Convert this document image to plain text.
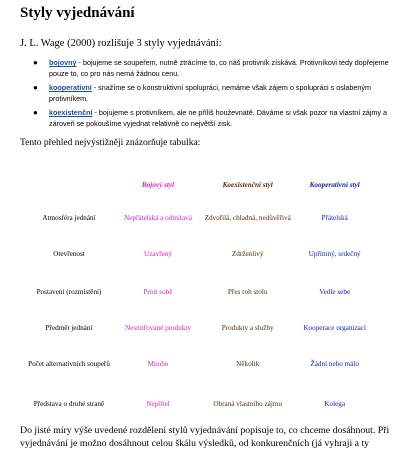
Styly vyjednávání
J. L. Wage (2000) rozlišuje 3 styly vyjednávání:
● bojovný - bojujeme se soupeřem, nutně ztrácíme to, co náš protivník získává. Protivníkovi tedy dopřejeme pouze to, co pro nás nemá žádnou cenu.
● kooperativní - snažíme se o konstruktivní spolupráci, nemáme však zájem o spolupráci s oslabeným protivníkem.
● koexistenční - bojujeme s protivníkem, ale ne příliš houževnatě. Dáváme si však pozor na vlastní zájmy a zároveň se pokoušíme vyjednat relativně co největší zisk.
Tento přehled nejvýstižněji znázorňuje tabulka:
	Bojový styl	Koexistenční styl	Kooperativní styl
Atmosféra jednání	Nepřátelská a odmítavá	Zdvořilá, chladná, nedůvěřivá	Přátelská
Otevřenost	Uzavřený	Zdrženlivý	Upřímný, srdečný
Postavení (rozmístění)	Proti sobě	Přes roh stolu	Vedle sebe
Předmět jednání	Nesmiřované produkty	Produkty a služby	Kooperace organizací
Počet alternativních soupeřů	Mnoho	Několik	Žádní nebo málo
Představa o druhé straně	Nepřítel	Obraná vlastního zájmu	Kolega
Do jisté míry výše uvedené rozdělení stylů vyjednávání popisuje to, co chceme dosáhnout. Při vyjednávání je možno dosáhnout celou škálu výsledků, od konkurenčních (já vyhraji a ty
